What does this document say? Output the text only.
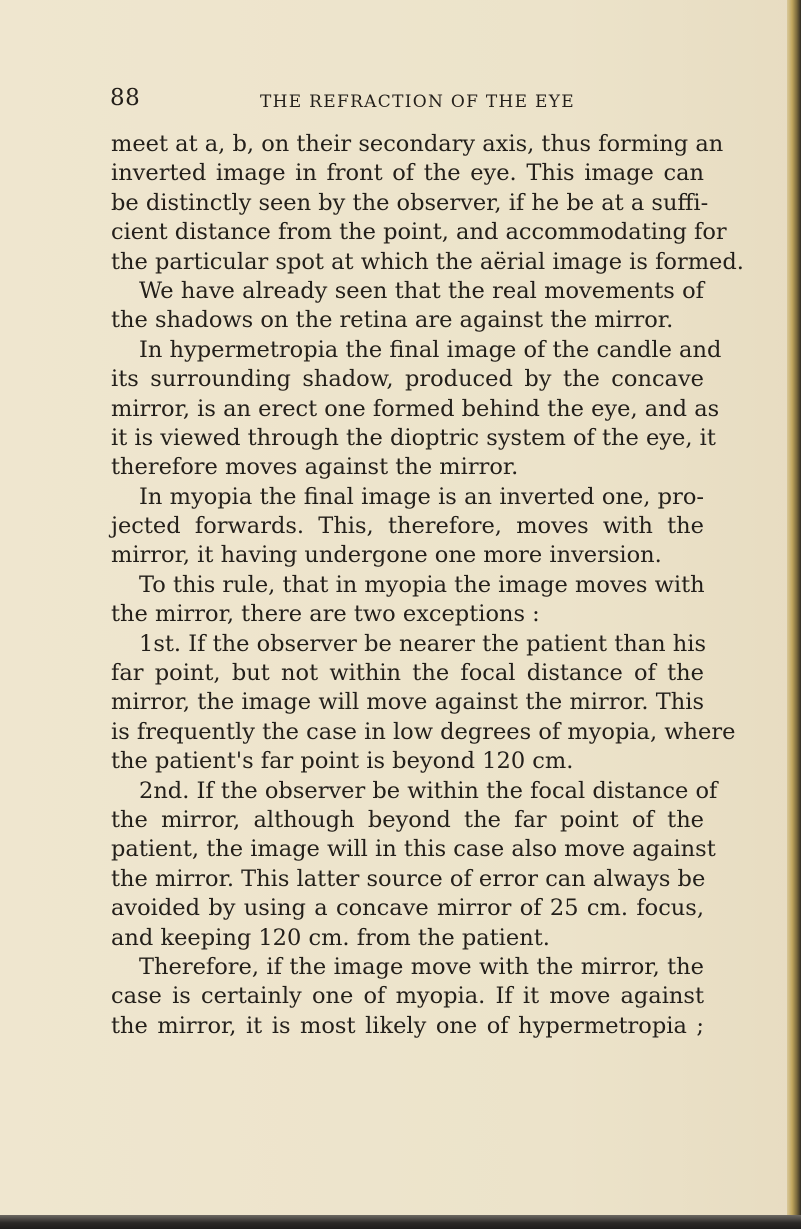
88	THE REFRACTION OF THE EYE
meet at a, b, on their secondary axis, thus forming an
inverted image in front of the eye. This image can
be distinctly seen by the observer, if he be at a suffi-
cient distance from the point, and accommodating for
the particular spot at which the aërial image is formed.
We have already seen that the real movements of
the shadows on the retina are against the mirror.
In hypermetropia the final image of the candle and
its surrounding shadow, produced by the concave
mirror, is an erect one formed behind the eye, and as
it is viewed through the dioptric system of the eye, it
therefore moves against the mirror.
In myopia the final image is an inverted one, pro-
jected forwards. This, therefore, moves with the
mirror, it having undergone one more inversion.
To this rule, that in myopia the image moves with
the mirror, there are two exceptions :
1st. If the observer be nearer the patient than his
far point, but not within the focal distance of the
mirror, the image will move against the mirror. This
is frequently the case in low degrees of myopia, where
the patient's far point is beyond 120 cm.
2nd. If the observer be within the focal distance of
the mirror, although beyond the far point of the
patient, the image will in this case also move against
the mirror. This latter source of error can always be
avoided by using a concave mirror of 25 cm. focus,
and keeping 120 cm. from the patient.
Therefore, if the image move with the mirror, the
case is certainly one of myopia. If it move against
the mirror, it is most likely one of hypermetropia ;
